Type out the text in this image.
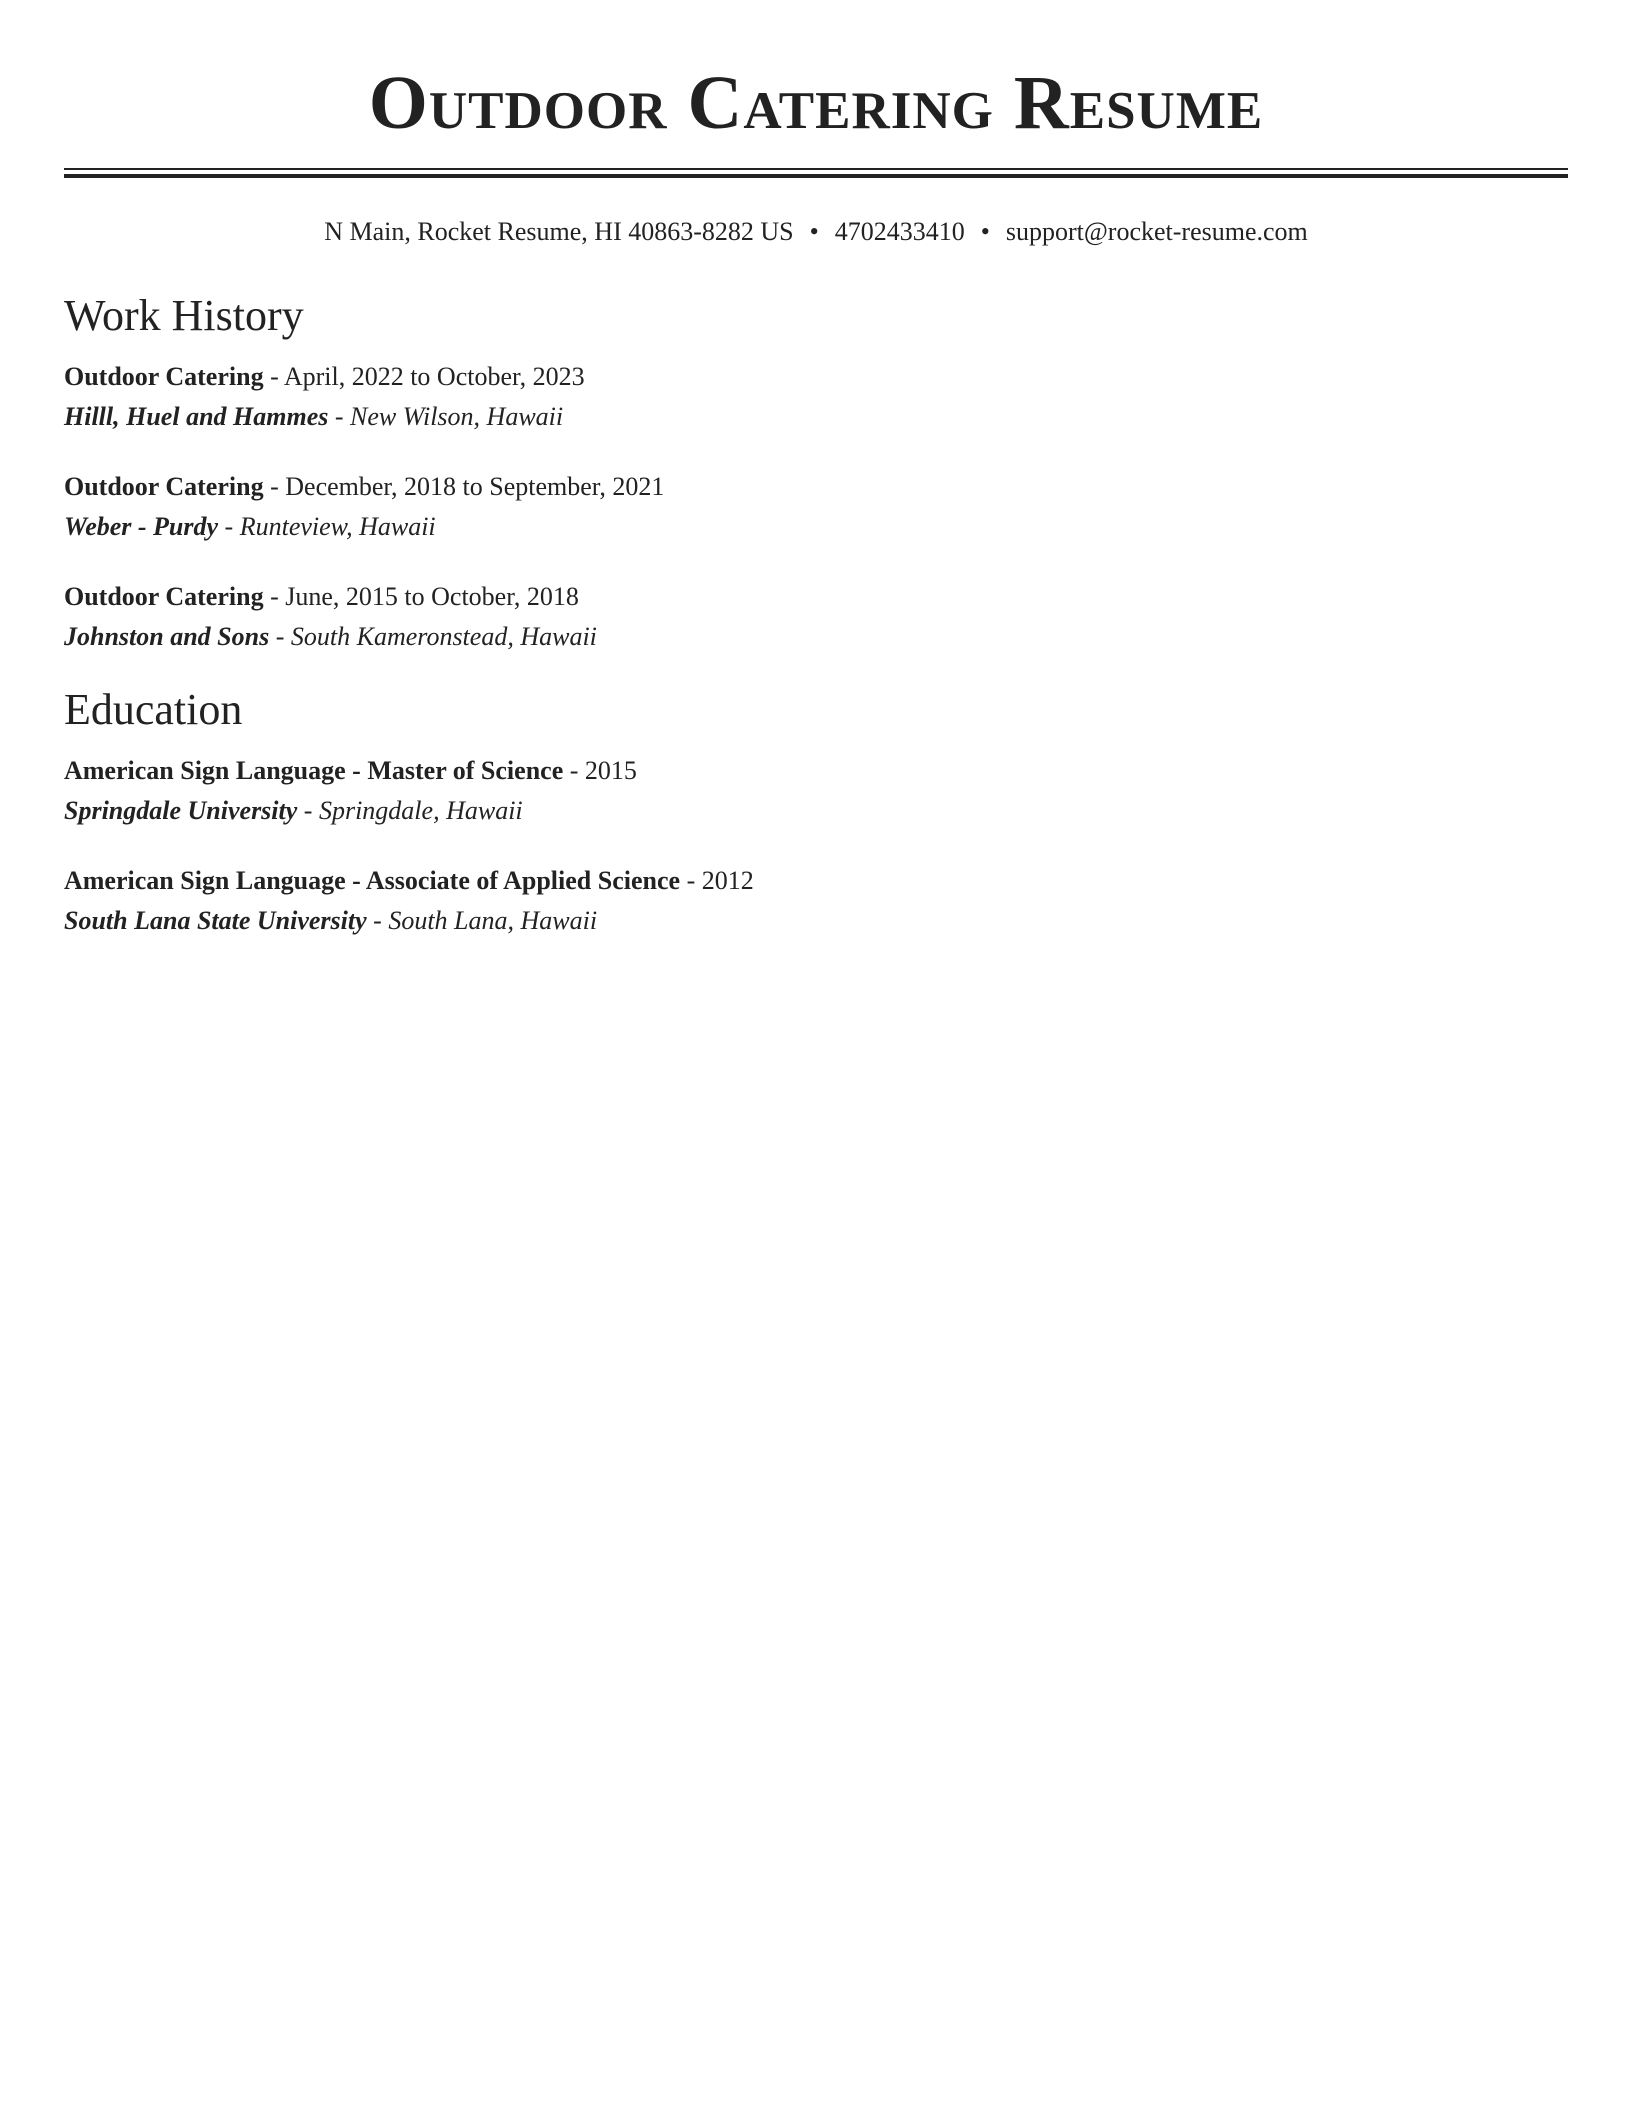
Outdoor Catering Resume
N Main, Rocket Resume, HI 40863-8282 US • 4702433410 • support@rocket-resume.com
Work History
Outdoor Catering - April, 2022 to October, 2023
Hilll, Huel and Hammes - New Wilson, Hawaii
Outdoor Catering - December, 2018 to September, 2021
Weber - Purdy - Runteview, Hawaii
Outdoor Catering - June, 2015 to October, 2018
Johnston and Sons - South Kameronstead, Hawaii
Education
American Sign Language - Master of Science - 2015
Springdale University - Springdale, Hawaii
American Sign Language - Associate of Applied Science - 2012
South Lana State University - South Lana, Hawaii
